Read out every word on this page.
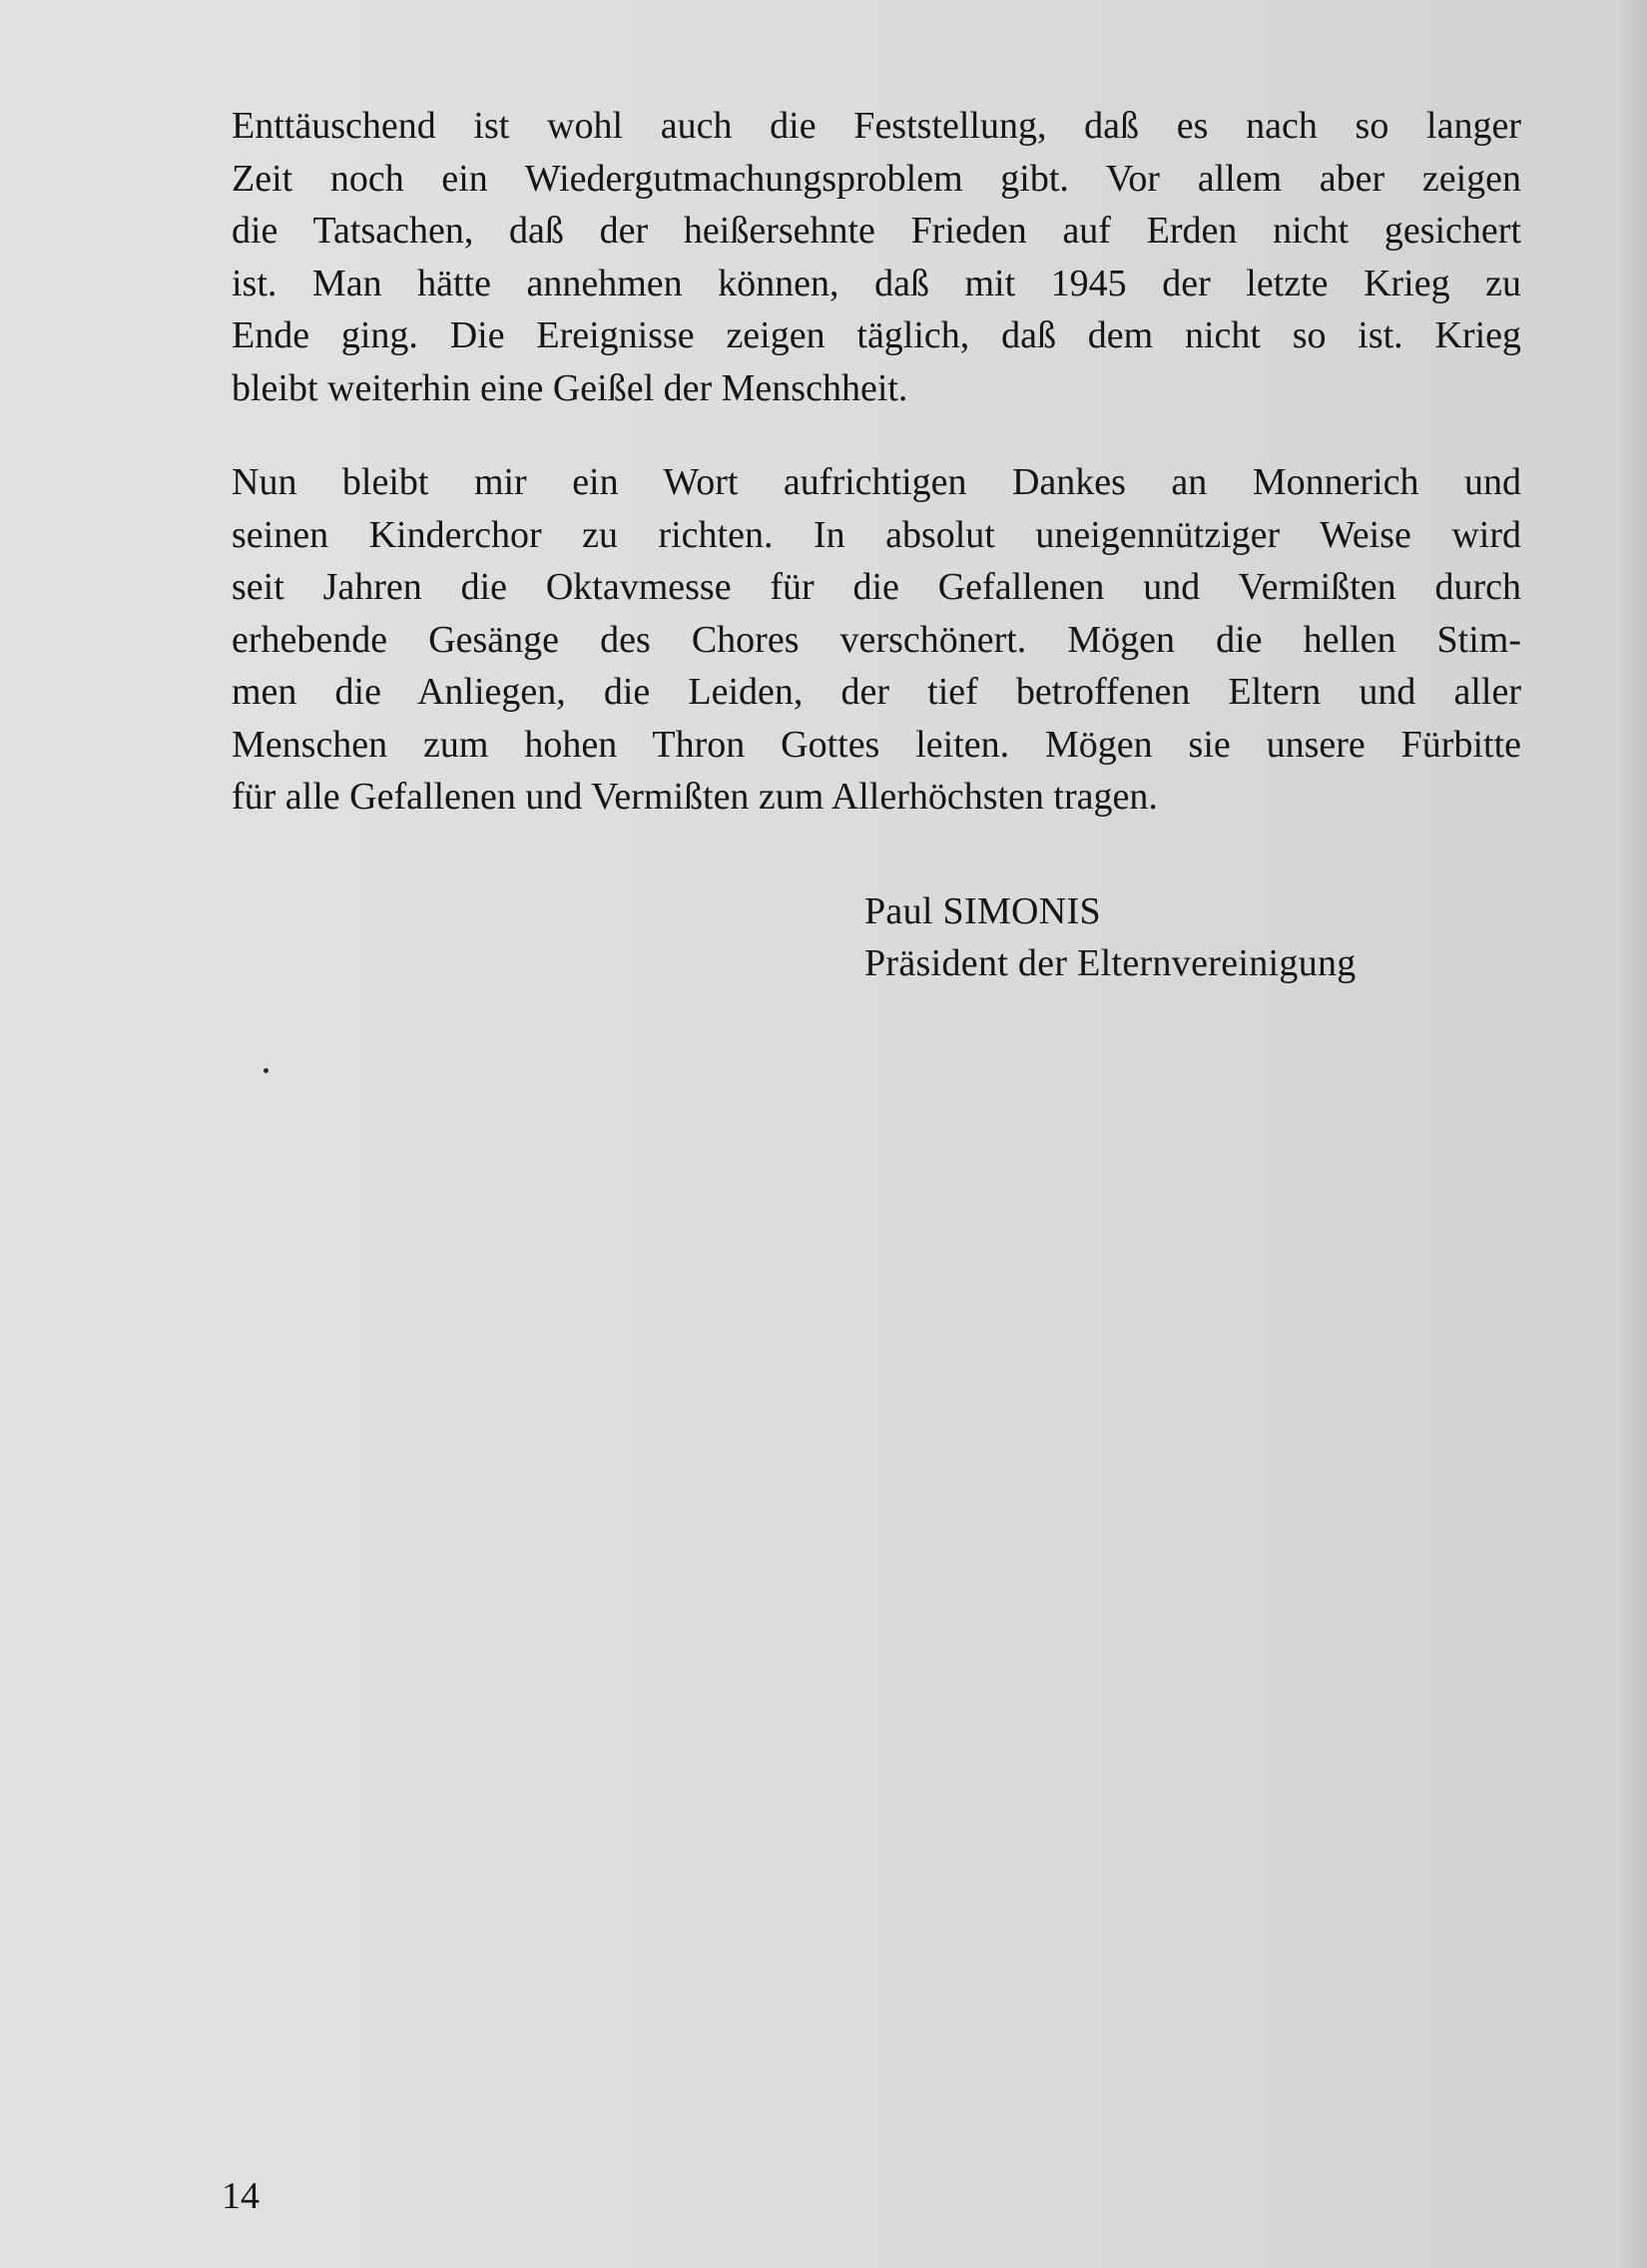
Enttäuschend ist wohl auch die Feststellung, daß es nach so langer
Zeit noch ein Wiedergutmachungsproblem gibt. Vor allem aber zeigen
die Tatsachen, daß der heißersehnte Frieden auf Erden nicht gesichert
ist. Man hätte annehmen können, daß mit 1945 der letzte Krieg zu
Ende ging. Die Ereignisse zeigen täglich, daß dem nicht so ist. Krieg
bleibt weiterhin eine Geißel der Menschheit.
Nun bleibt mir ein Wort aufrichtigen Dankes an Monnerich und
seinen Kinderchor zu richten. In absolut uneigennütziger Weise wird
seit Jahren die Oktavmesse für die Gefallenen und Vermißten durch
erhebende Gesänge des Chores verschönert. Mögen die hellen Stim-
men die Anliegen, die Leiden, der tief betroffenen Eltern und aller
Menschen zum hohen Thron Gottes leiten. Mögen sie unsere Fürbitte
für alle Gefallenen und Vermißten zum Allerhöchsten tragen.
Paul SIMONIS
Präsident der Elternvereinigung
14
